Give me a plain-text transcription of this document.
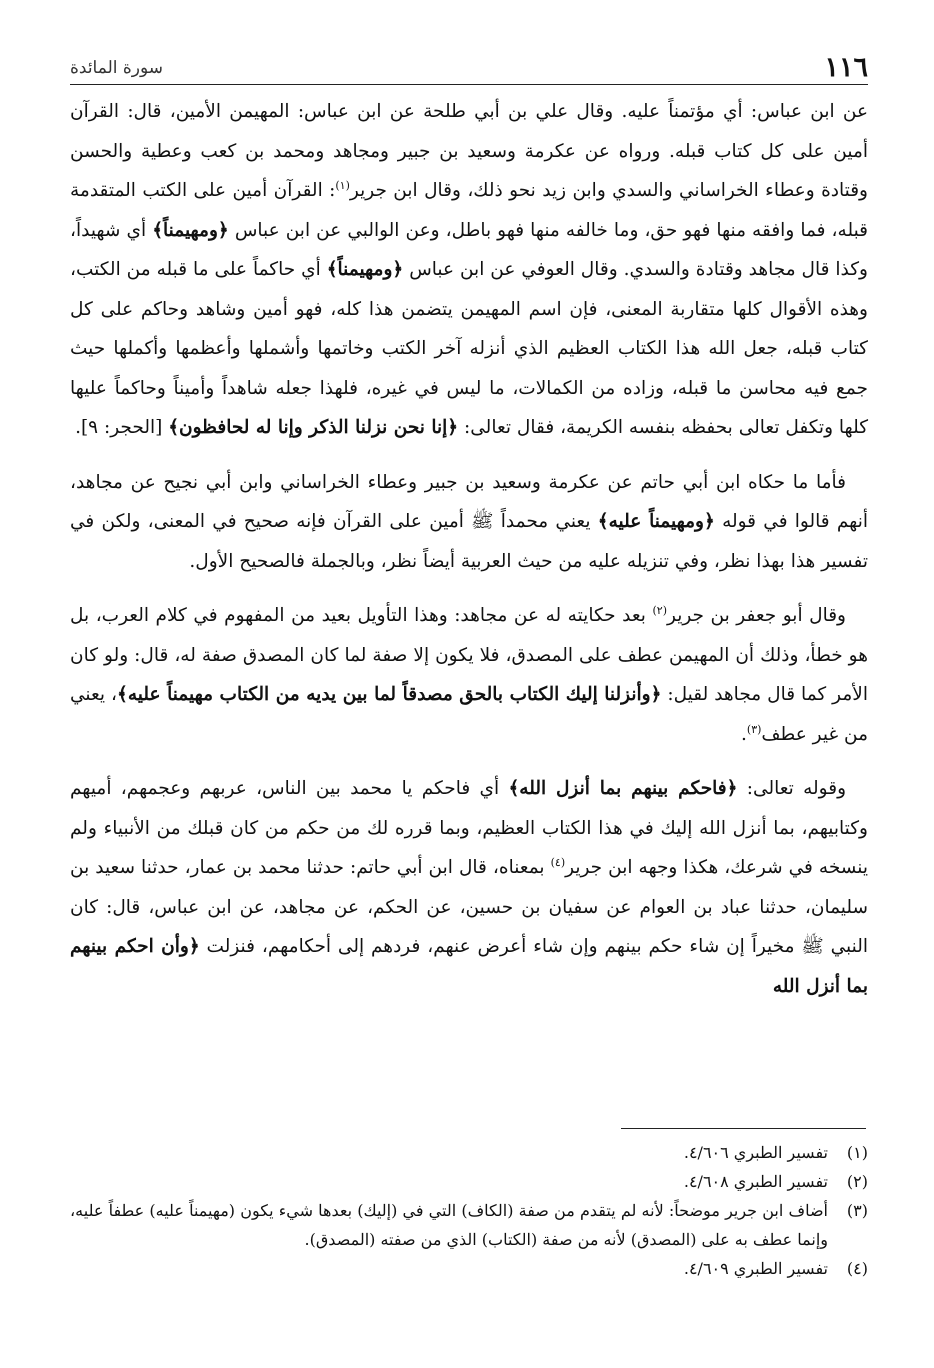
١١٦
سورة المائدة

عن ابن عباس: أي مؤتمناً عليه. وقال علي بن أبي طلحة عن ابن عباس: المهيمن الأمين، قال: القرآن أمين على كل كتاب قبله. ورواه عن عكرمة وسعيد بن جبير ومجاهد ومحمد بن كعب وعطية والحسن وقتادة وعطاء الخراساني والسدي وابن زيد نحو ذلك، وقال ابن جرير$^{(١)}$: القرآن أمين على الكتب المتقدمة قبله، فما وافقه منها فهو حق، وما خالفه منها فهو باطل، وعن الوالبي عن ابن عباس ﴿ومهيمناً﴾ أي شهيداً، وكذا قال مجاهد وقتادة والسدي. وقال العوفي عن ابن عباس ﴿ومهيمناً﴾ أي حاكماً على ما قبله من الكتب، وهذه الأقوال كلها متقاربة المعنى، فإن اسم المهيمن يتضمن هذا كله، فهو أمين وشاهد وحاكم على كل كتاب قبله، جعل الله هذا الكتاب العظيم الذي أنزله آخر الكتب وخاتمها وأشملها وأعظمها وأكملها حيث جمع فيه محاسن ما قبله، وزاده من الكمالات، ما ليس في غيره، فلهذا جعله شاهداً وأميناً وحاكماً عليها كلها وتكفل تعالى بحفظه بنفسه الكريمة، فقال تعالى: ﴿إنا نحن نزلنا الذكر وإنا له لحافظون﴾ [الحجر: ٩].

فأما ما حكاه ابن أبي حاتم عن عكرمة وسعيد بن جبير وعطاء الخراساني وابن أبي نجيح عن مجاهد، أنهم قالوا في قوله ﴿ومهيمناً عليه﴾ يعني محمداً ﷺ أمين على القرآن فإنه صحيح في المعنى، ولكن في تفسير هذا بهذا نظر، وفي تنزيله عليه من حيث العربية أيضاً نظر، وبالجملة فالصحيح الأول.

وقال أبو جعفر بن جرير$^{(٢)}$ بعد حكايته له عن مجاهد: وهذا التأويل بعيد من المفهوم في كلام العرب، بل هو خطأ، وذلك أن المهيمن عطف على المصدق، فلا يكون إلا صفة لما كان المصدق صفة له، قال: ولو كان الأمر كما قال مجاهد لقيل: ﴿وأنزلنا إليك الكتاب بالحق مصدقاً لما بين يديه من الكتاب مهيمناً عليه﴾، يعني من غير عطف$^{(٣)}$.

وقوله تعالى: ﴿فاحكم بينهم بما أنزل الله﴾ أي فاحكم يا محمد بين الناس، عربهم وعجمهم، أميهم وكتابيهم، بما أنزل الله إليك في هذا الكتاب العظيم، وبما قرره لك من حكم من كان قبلك من الأنبياء ولم ينسخه في شرعك، هكذا وجهه ابن جرير$^{(٤)}$ بمعناه، قال ابن أبي حاتم: حدثنا محمد بن عمار، حدثنا سعيد بن سليمان، حدثنا عباد بن العوام عن سفيان بن حسين، عن الحكم، عن مجاهد، عن ابن عباس، قال: كان النبي ﷺ مخيراً إن شاء حكم بينهم وإن شاء أعرض عنهم، فردهم إلى أحكامهم، فنزلت ﴿وأن احكم بينهم بما أنزل الله

(١)
تفسير الطبري ٤/٦٠٦.
(٢)
تفسير الطبري ٤/٦٠٨.
(٣)
أضاف ابن جرير موضحاً: لأنه لم يتقدم من صفة (الكاف) التي في (إليك) بعدها شيء يكون (مهيمناً عليه) عطفاً عليه، وإنما عطف به على (المصدق) لأنه من صفة (الكتاب) الذي من صفته (المصدق).
(٤)
تفسير الطبري ٤/٦٠٩.
